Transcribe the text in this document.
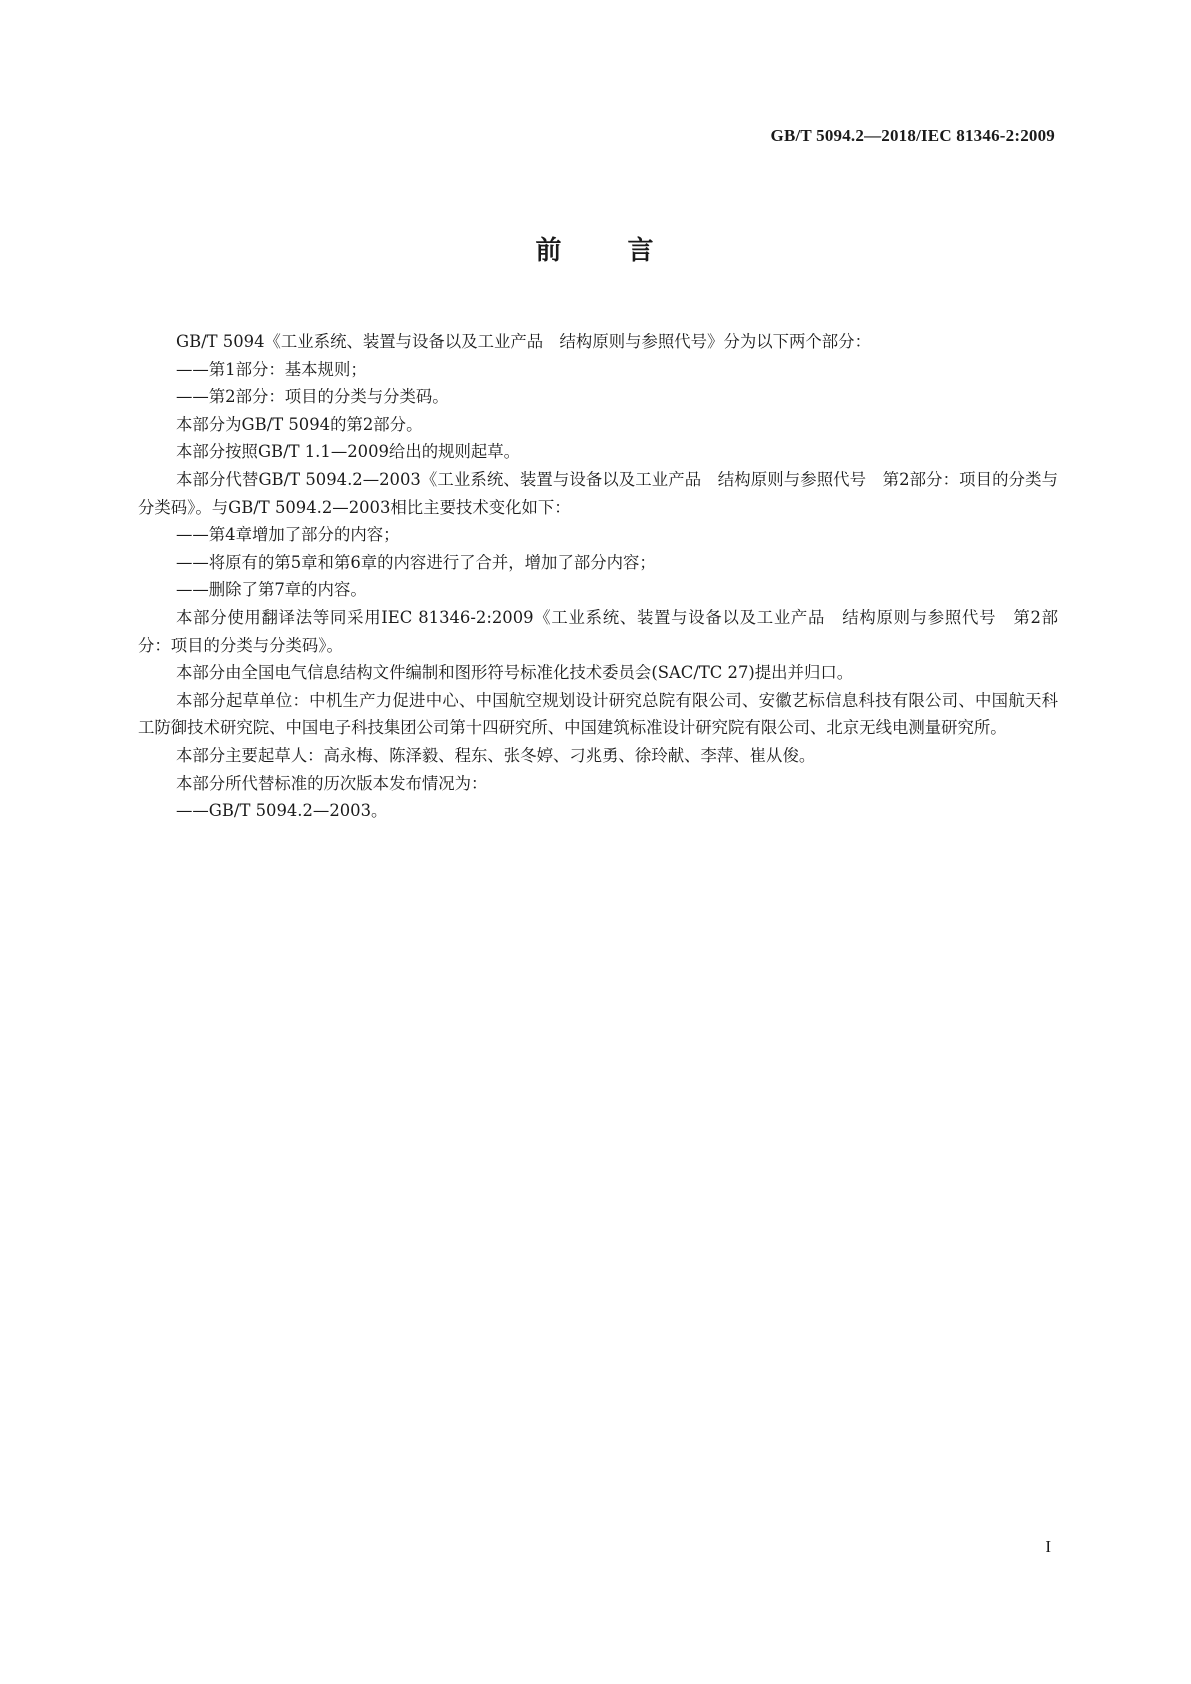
GB/T 5094.2—2018/IEC 81346-2:2009
前 言

GB/T 5094《工业系统、装置与设备以及工业产品　结构原则与参照代号》分为以下两个部分：

——第1部分：基本规则；

——第2部分：项目的分类与分类码。

本部分为GB/T 5094的第2部分。

本部分按照GB/T 1.1—2009给出的规则起草。

本部分代替GB/T 5094.2—2003《工业系统、装置与设备以及工业产品　结构原则与参照代号　第2部分：项目的分类与分类码》。与GB/T 5094.2—2003相比主要技术变化如下：

——第4章增加了部分的内容；

——将原有的第5章和第6章的内容进行了合并，增加了部分内容；

——删除了第7章的内容。

本部分使用翻译法等同采用IEC 81346-2:2009《工业系统、装置与设备以及工业产品　结构原则与参照代号　第2部分：项目的分类与分类码》。

本部分由全国电气信息结构文件编制和图形符号标准化技术委员会(SAC/TC 27)提出并归口。

本部分起草单位：中机生产力促进中心、中国航空规划设计研究总院有限公司、安徽艺标信息科技有限公司、中国航天科工防御技术研究院、中国电子科技集团公司第十四研究所、中国建筑标准设计研究院有限公司、北京无线电测量研究所。

本部分主要起草人：高永梅、陈泽毅、程东、张冬婷、刁兆勇、徐玲献、李萍、崔从俊。

本部分所代替标准的历次版本发布情况为：

——GB/T 5094.2—2003。

I
